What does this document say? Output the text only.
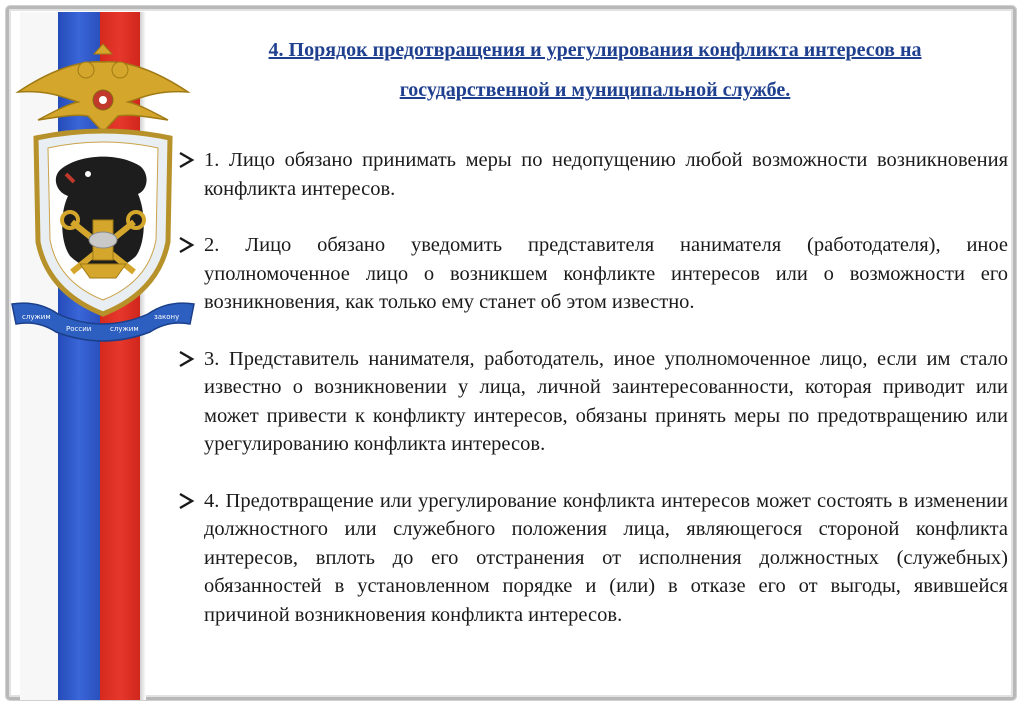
служим
России	служим
закону
4. Порядок предотвращения и урегулирования конфликта интересов на
государственной и муниципальной службе.
1. Лицо обязано принимать меры по недопущению любой возможности возникновения конфликта интересов.
2. Лицо обязано уведомить представителя нанимателя (работодателя), иное уполномоченное лицо о возникшем конфликте интересов или о возможности его возникновения, как только ему станет об этом известно.
3. Представитель нанимателя, работодатель, иное уполномоченное лицо, если им стало известно о возникновении у лица, личной заинтересованности, которая приводит или может привести к конфликту интересов, обязаны принять меры по предотвращению или урегулированию конфликта интересов.
4. Предотвращение или урегулирование конфликта интересов может состоять в изменении должностного или служебного положения лица, являющегося стороной конфликта интересов, вплоть до его отстранения от исполнения должностных (служебных) обязанностей в установленном порядке и (или) в отказе его от выгоды, явившейся причиной возникновения конфликта интересов.
